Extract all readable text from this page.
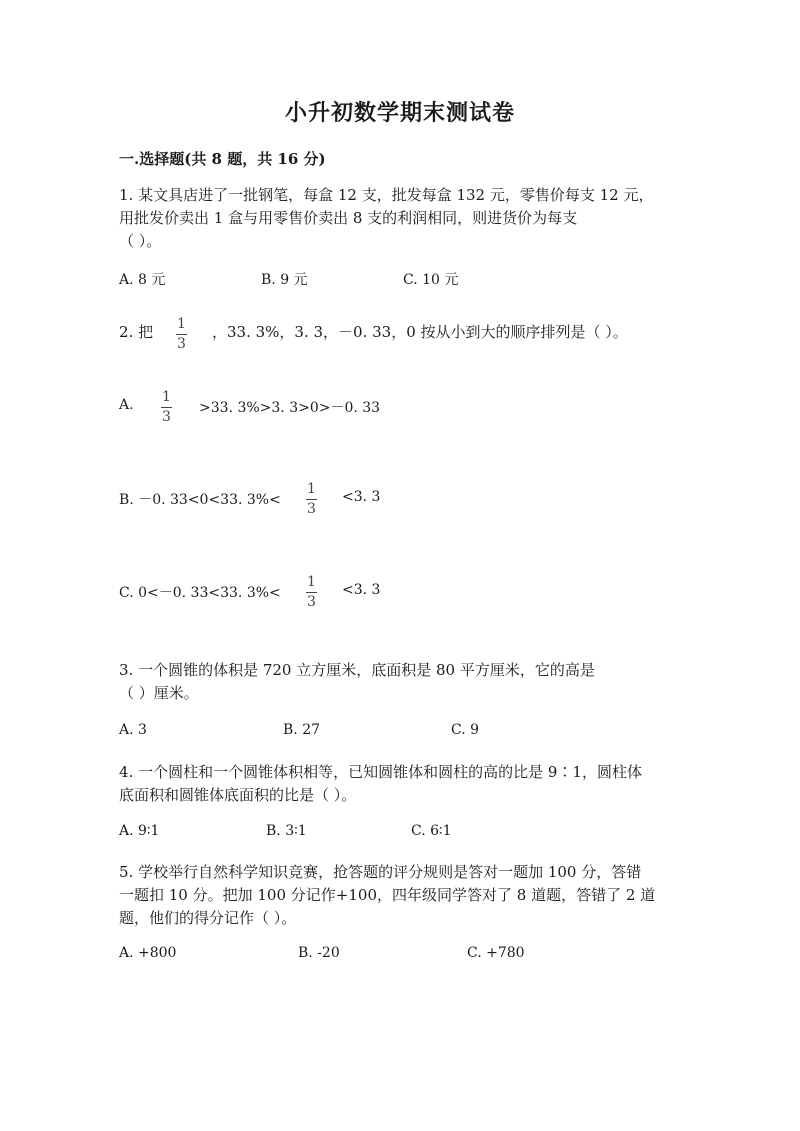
小升初数学期末测试卷
一.选择题(共 8 题，共 16 分)
1. 某文具店进了一批钢笔，每盒 12 支，批发每盒 132 元，零售价每支 12 元，
用批发价卖出 1 盒与用零售价卖出 8 支的利润相同，则进货价为每支
（ ）。
A. 8 元	B. 9 元	C. 10 元
2. 把 1
3
，33. 3%，3. 3，－0. 33，0 按从小到大的顺序排列是（ ）。
A. 1
3
>33. 3%>3. 3>0>－0. 33
B. －0. 33<0<33. 3%<
1
3
<3. 3
C. 0<－0. 33<33. 3%<
1
3
<3. 3
3. 一个圆锥的体积是 720 立方厘米，底面积是 80 平方厘米，它的高是
（ ）厘米。
A. 3	B. 27	C. 9
4. 一个圆柱和一个圆锥体积相等，已知圆锥体和圆柱的高的比是 9∶1，圆柱体
底面积和圆锥体底面积的比是（ ）。
A. 9∶1	B. 3∶1	C. 6∶1
5. 学校举行自然科学知识竞赛，抢答题的评分规则是答对一题加 100 分，答错
一题扣 10 分。把加 100 分记作+100，四年级同学答对了 8 道题，答错了 2 道
题，他们的得分记作（ ）。
A. +800	B. -20	C. +780
